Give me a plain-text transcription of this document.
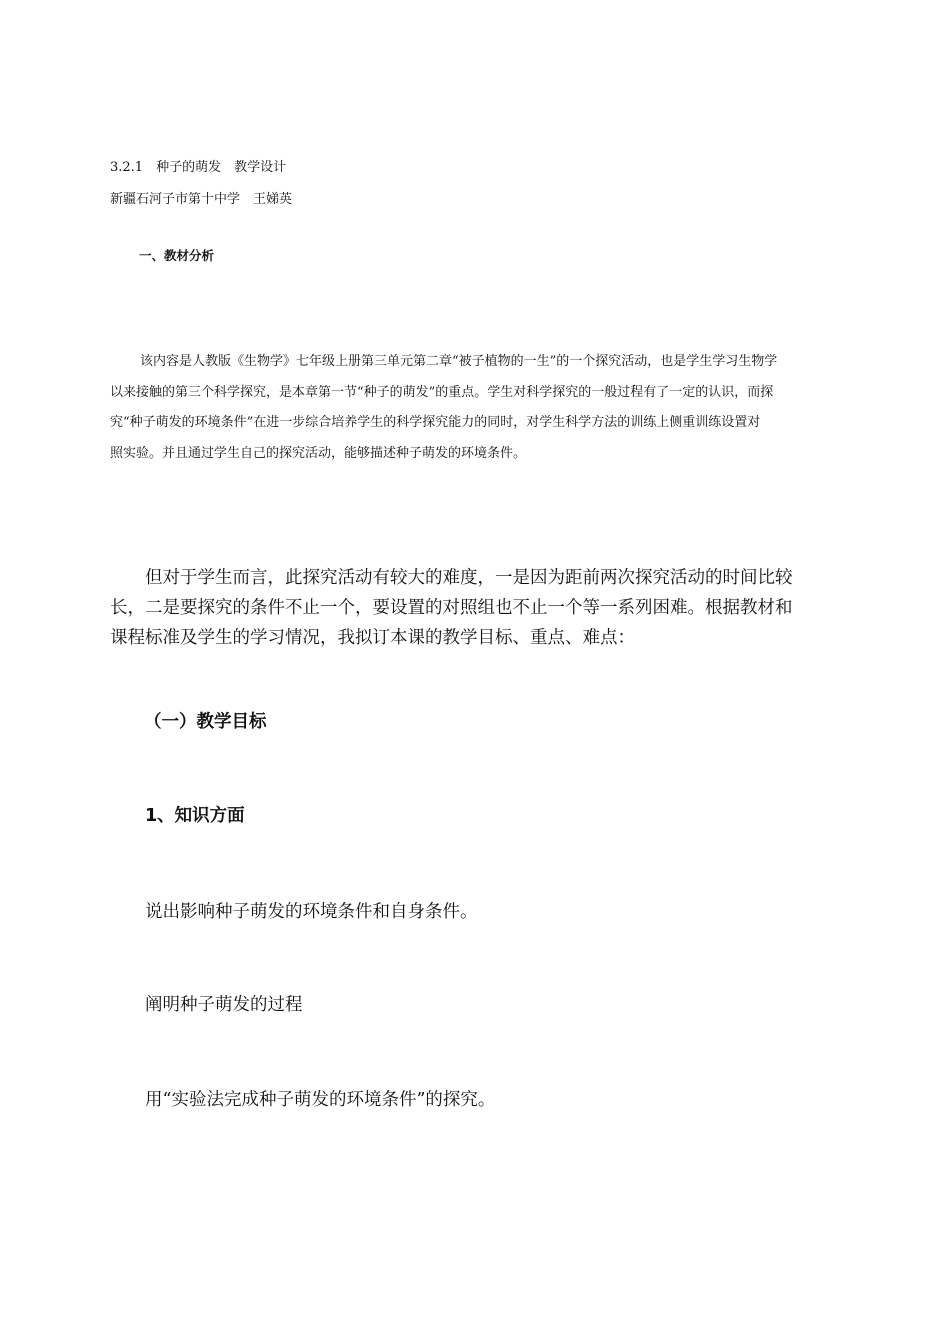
3.2.1　种子的萌发　教学设计
新疆石河子市第十中学　王娣英
一、教材分析
该内容是人教版《生物学》七年级上册第三单元第二章“被子植物的一生”的一个探究活动，也是学生学习生物学
以来接触的第三个科学探究，是本章第一节“种子的萌发”的重点。学生对科学探究的一般过程有了一定的认识，而探
究“种子萌发的环境条件”在进一步综合培养学生的科学探究能力的同时，对学生科学方法的训练上侧重训练设置对
照实验。并且通过学生自己的探究活动，能够描述种子萌发的环境条件。
但对于学生而言，此探究活动有较大的难度，一是因为距前两次探究活动的时间比较
长，二是要探究的条件不止一个，要设置的对照组也不止一个等一系列困难。根据教材和
课程标准及学生的学习情况，我拟订本课的教学目标、重点、难点：
（一）教学目标
1、知识方面
说出影响种子萌发的环境条件和自身条件。
阐明种子萌发的过程
用“实验法完成种子萌发的环境条件”的探究。
